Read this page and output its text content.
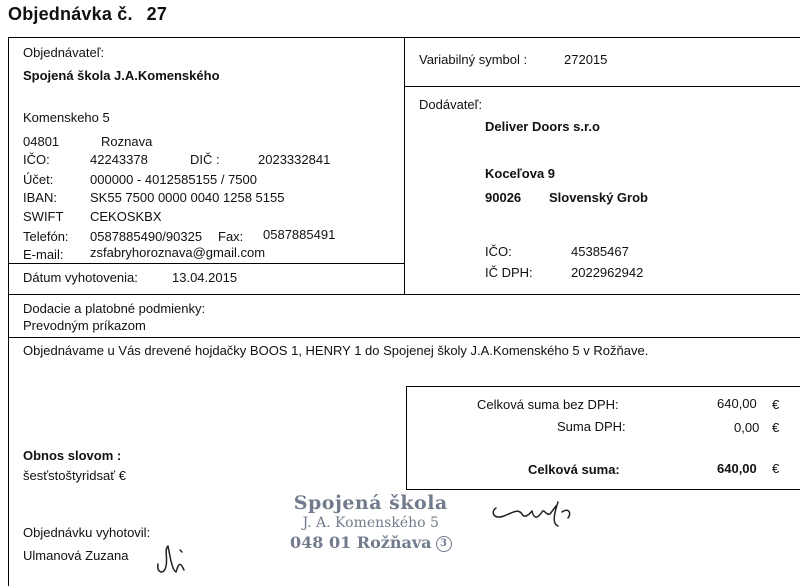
Objednávka č. 27
Objednávateľ:
Spojená škola J.A.Komenského
Komenskeho 5
04801	Roznava
IČO:	42243378	DIČ :	2023332841
Účet:	000000 - 4012585155 / 7500
IBAN:	SK55 7500 0000 0040 1258 5155
SWIFT CEKOSKBX
Telefón: 0587885490/90325 Fax: 0587885491
E-mail: zsfabryhoroznava@gmail.com
Dátum vyhotovenia:	13.04.2015
Variabilný symbol :	272015
Dodávateľ:
Deliver Doors s.r.o
Koceľova 9
90026 Slovenský Grob
IČO:	45385467
IČ DPH:	2022962942
Dodacie a platobné podmienky:
Prevodným príkazom
Objednávame u Vás drevené hojdačky BOOS 1, HENRY 1 do Spojenej školy J.A.Komenského 5 v Rožňave.
Celková suma bez DPH:	640,00 €
Suma DPH:	0,00 €
Celková suma:	640,00 €
Obnos slovom :
šesťstoštyridsať €
Objednávku vyhotovil:
Ulmanová Zuzana
Spojená škola
J. A. Komenského 5
048 01 Rožňava 3
